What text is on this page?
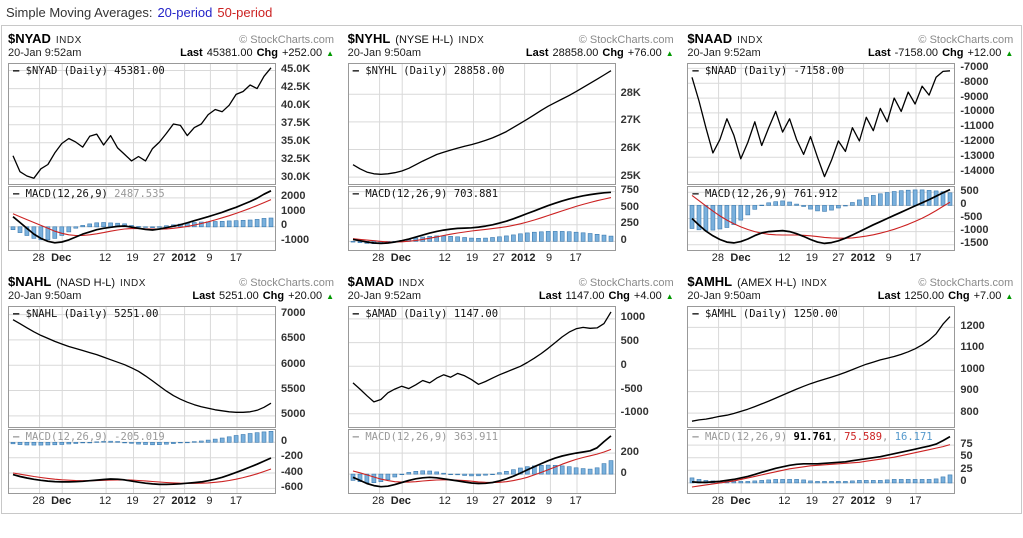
Simple Moving Averages: 20-period 50-period
$NYAD INDX	© StockCharts.com
20-Jan 9:52am	Last 45381.00 Chg +252.00 ▲
— $NYAD (Daily) 45381.00	45.0K
42.5K
40.0K
37.5K
35.0K
32.5K
30.0K
— MACD(12,26,9) 2487.535	2000
1000
0
-1000
28 Dec	12	19	27 2012 9	17
$NYHL (NYSE H-L) INDX	© StockCharts.com
20-Jan 9:50am	Last 28858.00 Chg +76.00 ▲
— $NYHL (Daily) 28858.00
28K
27K
26K
25K
— MACD(12,26,9) 703.881	750
500
250
0
28 Dec	12	19	27 2012 9	17
$NAAD INDX	© StockCharts.com
20-Jan 9:52am	Last -7158.00 Chg +12.00 ▲
— $NAAD (Daily) -7158.00	-7000
-8000
-9000
-10000
-11000
-12000
-13000
-14000
— MACD(12,26,9) 761.912	500
0
-500
-1000
-1500
28 Dec	12	19	27 2012 9	17
$NAHL (NASD H-L) INDX	© StockCharts.com
20-Jan 9:50am	Last 5251.00 Chg +20.00 ▲
— $NAHL (Daily) 5251.00	7000
6500
6000
5500
5000
— MACD(12,26,9) -205.019	0
-200
-400
-600
28 Dec	12	19	27 2012 9	17
$AMAD INDX	© StockCharts.com
20-Jan 9:52am	Last 1147.00 Chg +4.00 ▲
— $AMAD (Daily) 1147.00	1000
500
0
-500
-1000
— MACD(12,26,9) 363.911
200
0
28 Dec	12	19	27 2012 9	17
$AMHL (AMEX H-L) INDX	© StockCharts.com
20-Jan 9:50am	Last 1250.00 Chg +7.00 ▲
— $AMHL (Daily) 1250.00
1200
1100
1000
900
800
— MACD(12,26,9) 91.761, 75.589, 16.171
75
50
25
0
28 Dec	12	19	27 2012 9	17
